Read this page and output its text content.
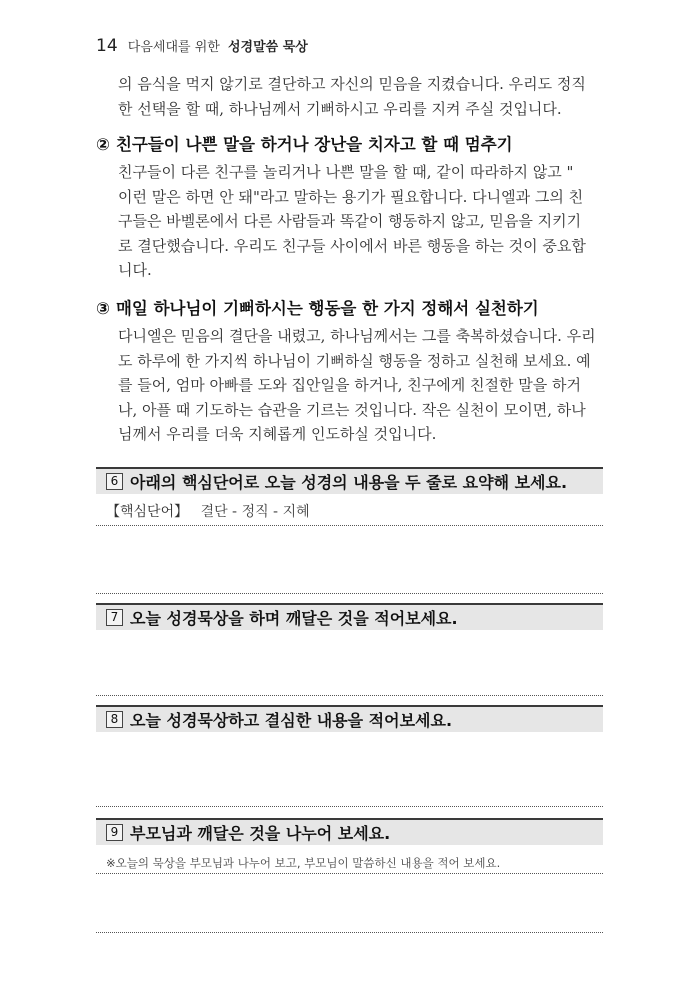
14 다음세대를 위한 성경말씀 묵상
의 음식을 먹지 않기로 결단하고 자신의 믿음을 지켰습니다. 우리도 정직
한 선택을 할 때, 하나님께서 기뻐하시고 우리를 지켜 주실 것입니다.
② 친구들이 나쁜 말을 하거나 장난을 치자고 할 때 멈추기
친구들이 다른 친구를 놀리거나 나쁜 말을 할 때, 같이 따라하지 않고 "
이런 말은 하면 안 돼"라고 말하는 용기가 필요합니다. 다니엘과 그의 친
구들은 바벨론에서 다른 사람들과 똑같이 행동하지 않고, 믿음을 지키기
로 결단했습니다. 우리도 친구들 사이에서 바른 행동을 하는 것이 중요합
니다.
③ 매일 하나님이 기뻐하시는 행동을 한 가지 정해서 실천하기
다니엘은 믿음의 결단을 내렸고, 하나님께서는 그를 축복하셨습니다. 우리
도 하루에 한 가지씩 하나님이 기뻐하실 행동을 정하고 실천해 보세요. 예
를 들어, 엄마 아빠를 도와 집안일을 하거나, 친구에게 친절한 말을 하거
나, 아플 때 기도하는 습관을 기르는 것입니다. 작은 실천이 모이면, 하나
님께서 우리를 더욱 지혜롭게 인도하실 것입니다.
6 아래의 핵심단어로 오늘 성경의 내용을 두 줄로 요약해 보세요.
【핵심단어】 결단 - 정직 - 지혜
7 오늘 성경묵상을 하며 깨달은 것을 적어보세요.
8 오늘 성경묵상하고 결심한 내용을 적어보세요.
9 부모님과 깨달은 것을 나누어 보세요.
※오늘의 묵상을 부모님과 나누어 보고, 부모님이 말씀하신 내용을 적어 보세요.
